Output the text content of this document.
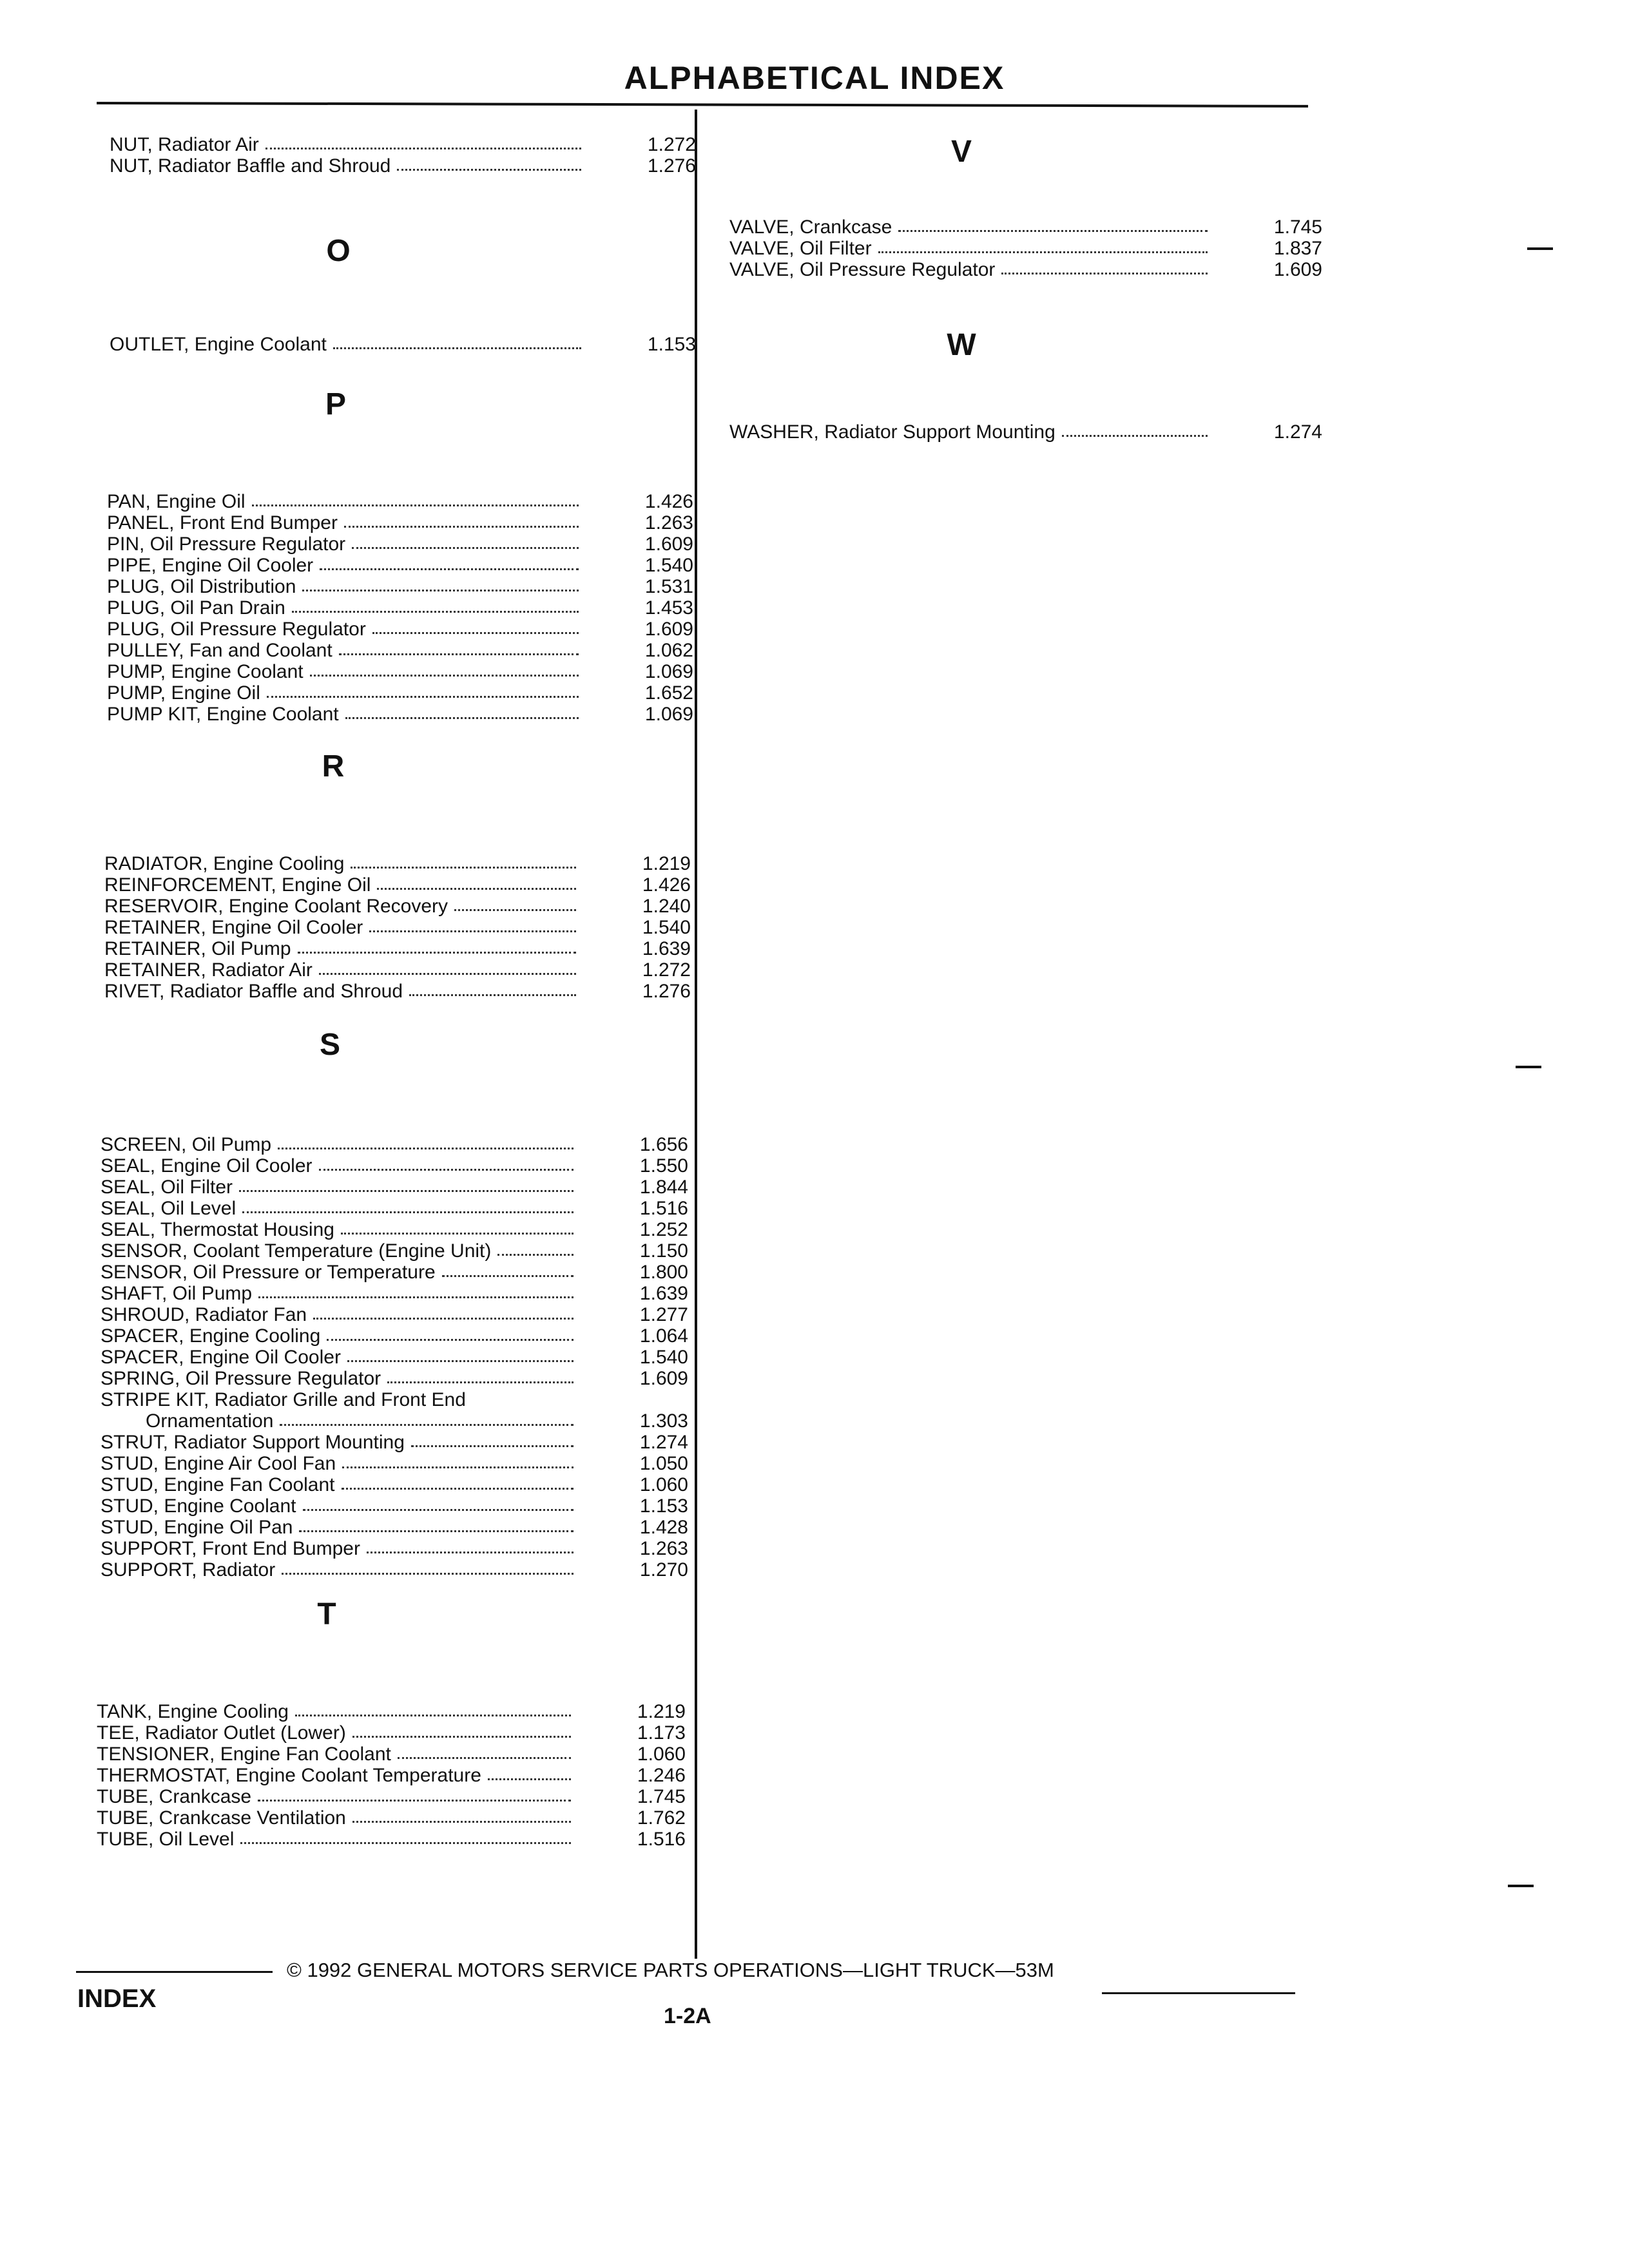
ALPHABETICAL INDEX
NUT, Radiator Air	1.272
NUT, Radiator Baffle and Shroud	1.276
O
OUTLET, Engine Coolant	1.153
P
PAN, Engine Oil	1.426
PANEL, Front End Bumper	1.263
PIN, Oil Pressure Regulator	1.609
PIPE, Engine Oil Cooler	1.540
PLUG, Oil Distribution	1.531
PLUG, Oil Pan Drain	1.453
PLUG, Oil Pressure Regulator	1.609
PULLEY, Fan and Coolant	1.062
PUMP, Engine Coolant	1.069
PUMP, Engine Oil	1.652
PUMP KIT, Engine Coolant	1.069
R
RADIATOR, Engine Cooling	1.219
REINFORCEMENT, Engine Oil	1.426
RESERVOIR, Engine Coolant Recovery	1.240
RETAINER, Engine Oil Cooler	1.540
RETAINER, Oil Pump	1.639
RETAINER, Radiator Air	1.272
RIVET, Radiator Baffle and Shroud	1.276
S
SCREEN, Oil Pump	1.656
SEAL, Engine Oil Cooler	1.550
SEAL, Oil Filter	1.844
SEAL, Oil Level	1.516
SEAL, Thermostat Housing	1.252
SENSOR, Coolant Temperature (Engine Unit)	1.150
SENSOR, Oil Pressure or Temperature	1.800
SHAFT, Oil Pump	1.639
SHROUD, Radiator Fan	1.277
SPACER, Engine Cooling	1.064
SPACER, Engine Oil Cooler	1.540
SPRING, Oil Pressure Regulator	1.609
STRIPE KIT, Radiator Grille and Front End
Ornamentation	1.303
STRUT, Radiator Support Mounting	1.274
STUD, Engine Air Cool Fan	1.050
STUD, Engine Fan Coolant	1.060
STUD, Engine Coolant	1.153
STUD, Engine Oil Pan	1.428
SUPPORT, Front End Bumper	1.263
SUPPORT, Radiator	1.270
T
TANK, Engine Cooling	1.219
TEE, Radiator Outlet (Lower)	1.173
TENSIONER, Engine Fan Coolant	1.060
THERMOSTAT, Engine Coolant Temperature	1.246
TUBE, Crankcase	1.745
TUBE, Crankcase Ventilation	1.762
TUBE, Oil Level	1.516
V
VALVE, Crankcase	1.745
VALVE, Oil Filter	1.837
VALVE, Oil Pressure Regulator	1.609
W
WASHER, Radiator Support Mounting	1.274
© 1992 GENERAL MOTORS SERVICE PARTS OPERATIONS—LIGHT TRUCK—53M
INDEX
1-2A
